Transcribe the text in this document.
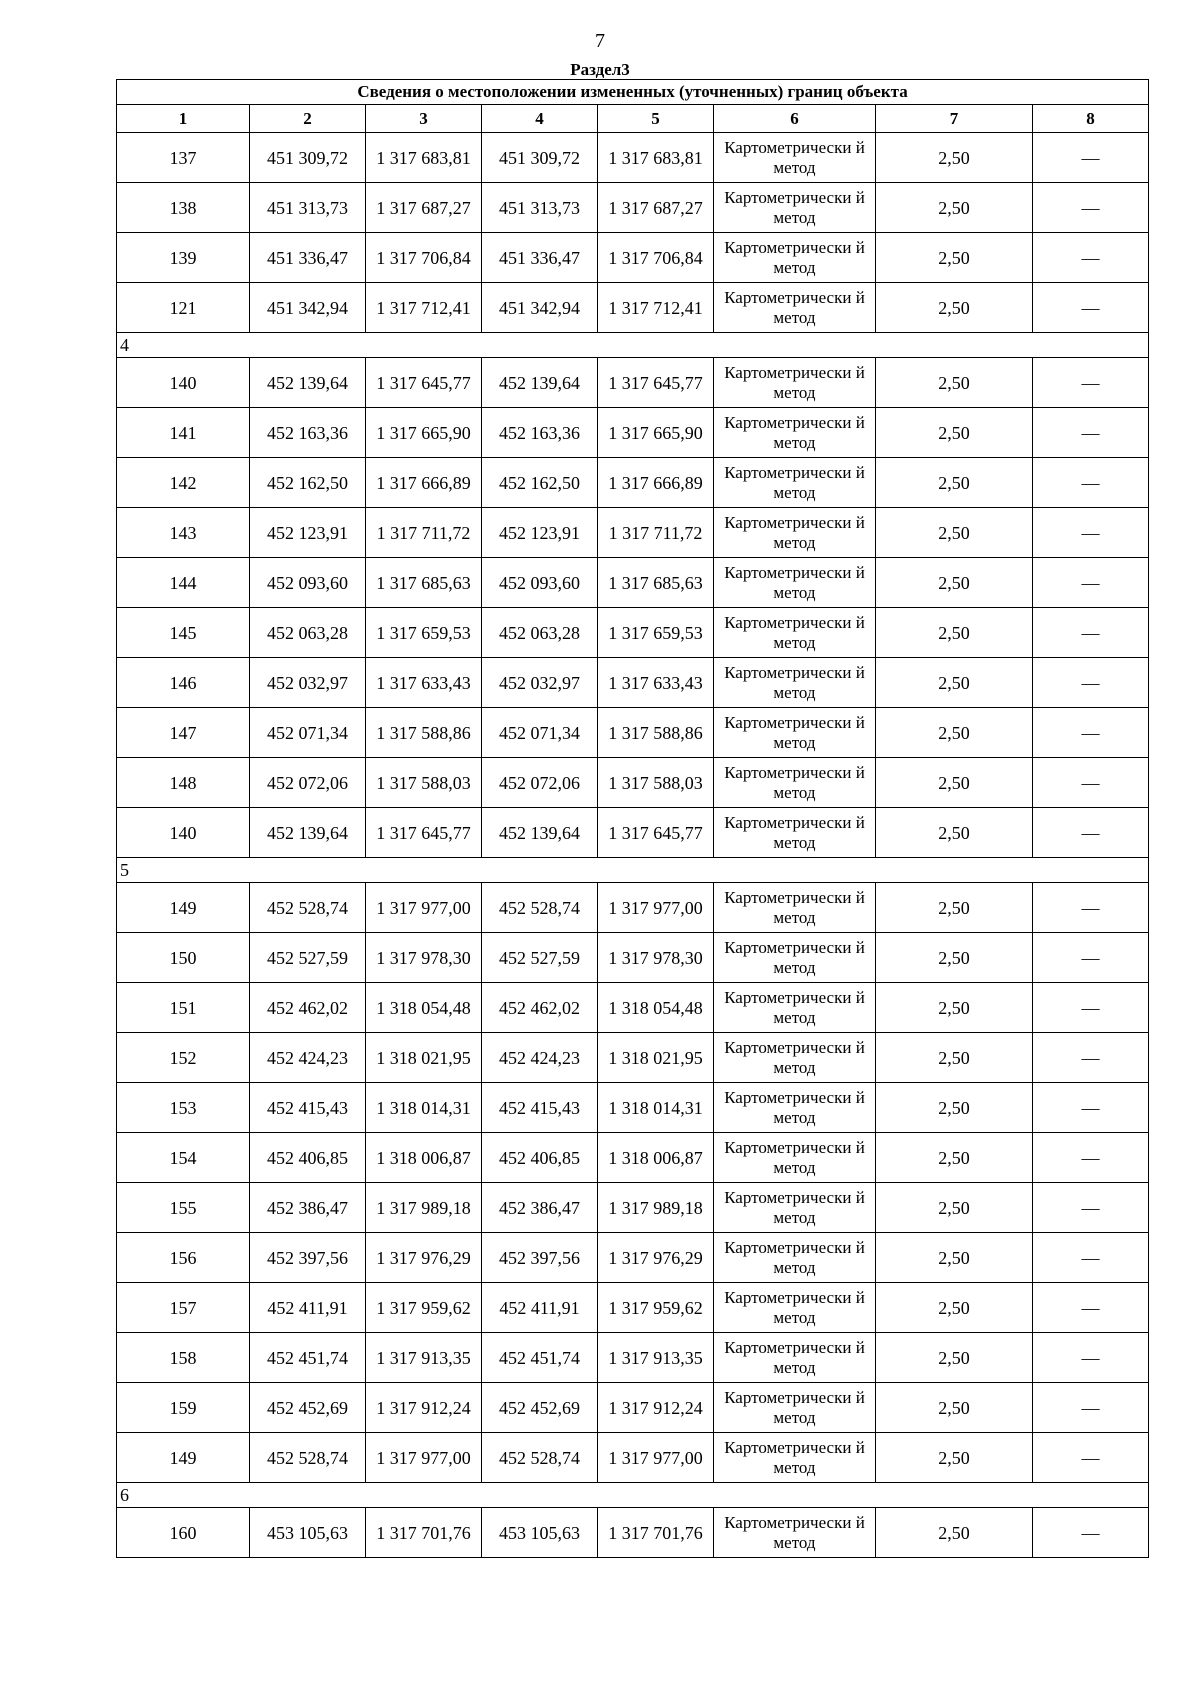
7
Раздел3
Сведения о местоположении измененных (уточненных) границ объекта							
1	2	3	4	5	6	7	8
137	451 309,72	1 317 683,81	451 309,72	1 317 683,81	Картометрически й метод	2,50	—
138	451 313,73	1 317 687,27	451 313,73	1 317 687,27	Картометрически й метод	2,50	—
139	451 336,47	1 317 706,84	451 336,47	1 317 706,84	Картометрически й метод	2,50	—
121	451 342,94	1 317 712,41	451 342,94	1 317 712,41	Картометрически й метод	2,50	—
4							
140	452 139,64	1 317 645,77	452 139,64	1 317 645,77	Картометрически й метод	2,50	—
141	452 163,36	1 317 665,90	452 163,36	1 317 665,90	Картометрически й метод	2,50	—
142	452 162,50	1 317 666,89	452 162,50	1 317 666,89	Картометрически й метод	2,50	—
143	452 123,91	1 317 711,72	452 123,91	1 317 711,72	Картометрически й метод	2,50	—
144	452 093,60	1 317 685,63	452 093,60	1 317 685,63	Картометрически й метод	2,50	—
145	452 063,28	1 317 659,53	452 063,28	1 317 659,53	Картометрически й метод	2,50	—
146	452 032,97	1 317 633,43	452 032,97	1 317 633,43	Картометрически й метод	2,50	—
147	452 071,34	1 317 588,86	452 071,34	1 317 588,86	Картометрически й метод	2,50	—
148	452 072,06	1 317 588,03	452 072,06	1 317 588,03	Картометрически й метод	2,50	—
140	452 139,64	1 317 645,77	452 139,64	1 317 645,77	Картометрически й метод	2,50	—
5							
149	452 528,74	1 317 977,00	452 528,74	1 317 977,00	Картометрически й метод	2,50	—
150	452 527,59	1 317 978,30	452 527,59	1 317 978,30	Картометрически й метод	2,50	—
151	452 462,02	1 318 054,48	452 462,02	1 318 054,48	Картометрически й метод	2,50	—
152	452 424,23	1 318 021,95	452 424,23	1 318 021,95	Картометрически й метод	2,50	—
153	452 415,43	1 318 014,31	452 415,43	1 318 014,31	Картометрически й метод	2,50	—
154	452 406,85	1 318 006,87	452 406,85	1 318 006,87	Картометрически й метод	2,50	—
155	452 386,47	1 317 989,18	452 386,47	1 317 989,18	Картометрически й метод	2,50	—
156	452 397,56	1 317 976,29	452 397,56	1 317 976,29	Картометрически й метод	2,50	—
157	452 411,91	1 317 959,62	452 411,91	1 317 959,62	Картометрически й метод	2,50	—
158	452 451,74	1 317 913,35	452 451,74	1 317 913,35	Картометрически й метод	2,50	—
159	452 452,69	1 317 912,24	452 452,69	1 317 912,24	Картометрически й метод	2,50	—
149	452 528,74	1 317 977,00	452 528,74	1 317 977,00	Картометрически й метод	2,50	—
6							
160	453 105,63	1 317 701,76	453 105,63	1 317 701,76	Картометрически й метод	2,50	—
